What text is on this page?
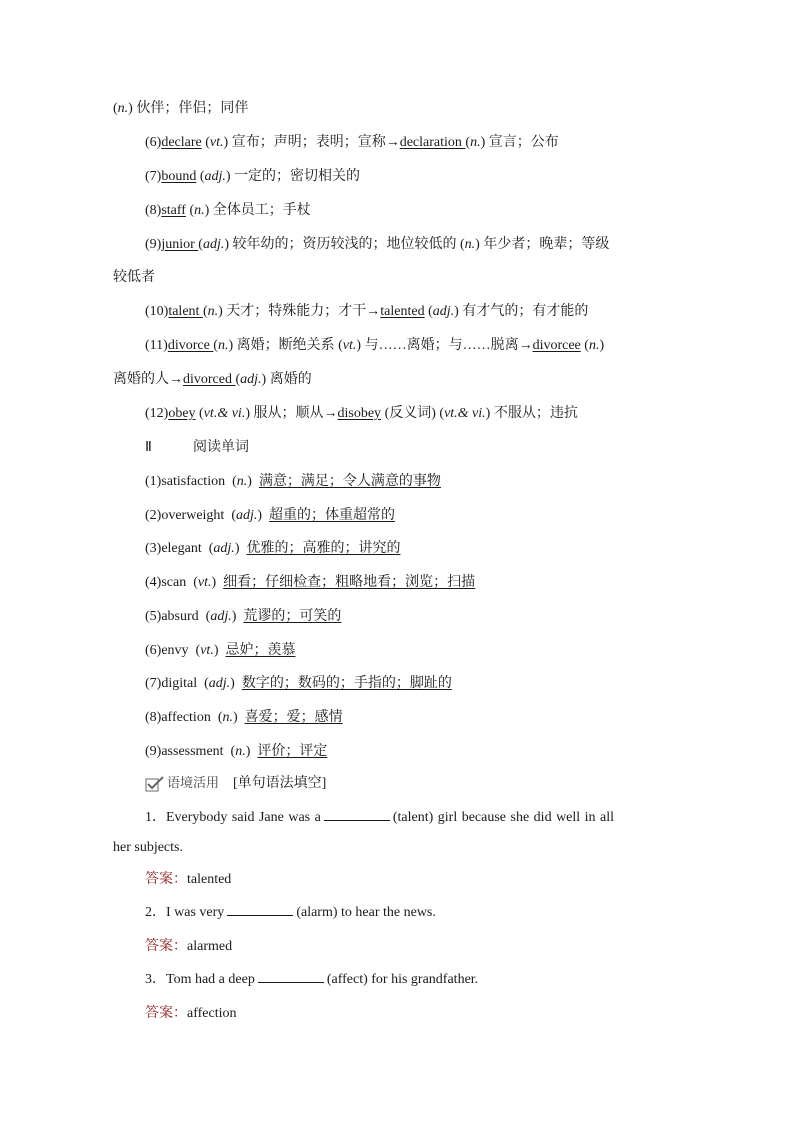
(n.) 伙伴；伴侣；同伴
(6)declare (vt.) 宣布；声明；表明；宣称→declaration (n.) 宣言；公布
(7)bound (adj.) 一定的；密切相关的
(8)staff (n.) 全体员工；手杖
(9)junior (adj.) 较年幼的；资历较浅的；地位较低的 (n.) 年少者；晚辈；等级
较低者
(10)talent (n.) 天才；特殊能力；才干→talented (adj.) 有才气的；有才能的
(11)divorce (n.) 离婚；断绝关系 (vt.) 与……离婚；与……脱离→divorcee (n.)
离婚的人→divorced (adj.) 离婚的
(12)obey (vt.& vi.) 服从；顺从→disobey (反义词) (vt.& vi.) 不服从；违抗
Ⅱ	阅读单词
(1)satisfaction  (n.)  满意；满足；令人满意的事物
(2)overweight  (adj.)  超重的；体重超常的
(3)elegant  (adj.)  优雅的；高雅的；讲究的
(4)scan  (vt.)  细看；仔细检查；粗略地看；浏览；扫描
(5)absurd  (adj.)  荒谬的；可笑的
(6)envy  (vt.)  忌妒；羡慕
(7)digital  (adj.)  数字的；数码的；手指的；脚趾的
(8)affection  (n.)  喜爱；爱；感情
(9)assessment  (n.)  评价；评定
语境活用 [单句语法填空]
1．Everybody said Jane was a	(talent) girl because she did well in all
her subjects.
答案：talented
2．I was very	(alarm) to hear the news.
答案：alarmed
3．Tom had a deep	(affect) for his grandfather.
答案：affection
